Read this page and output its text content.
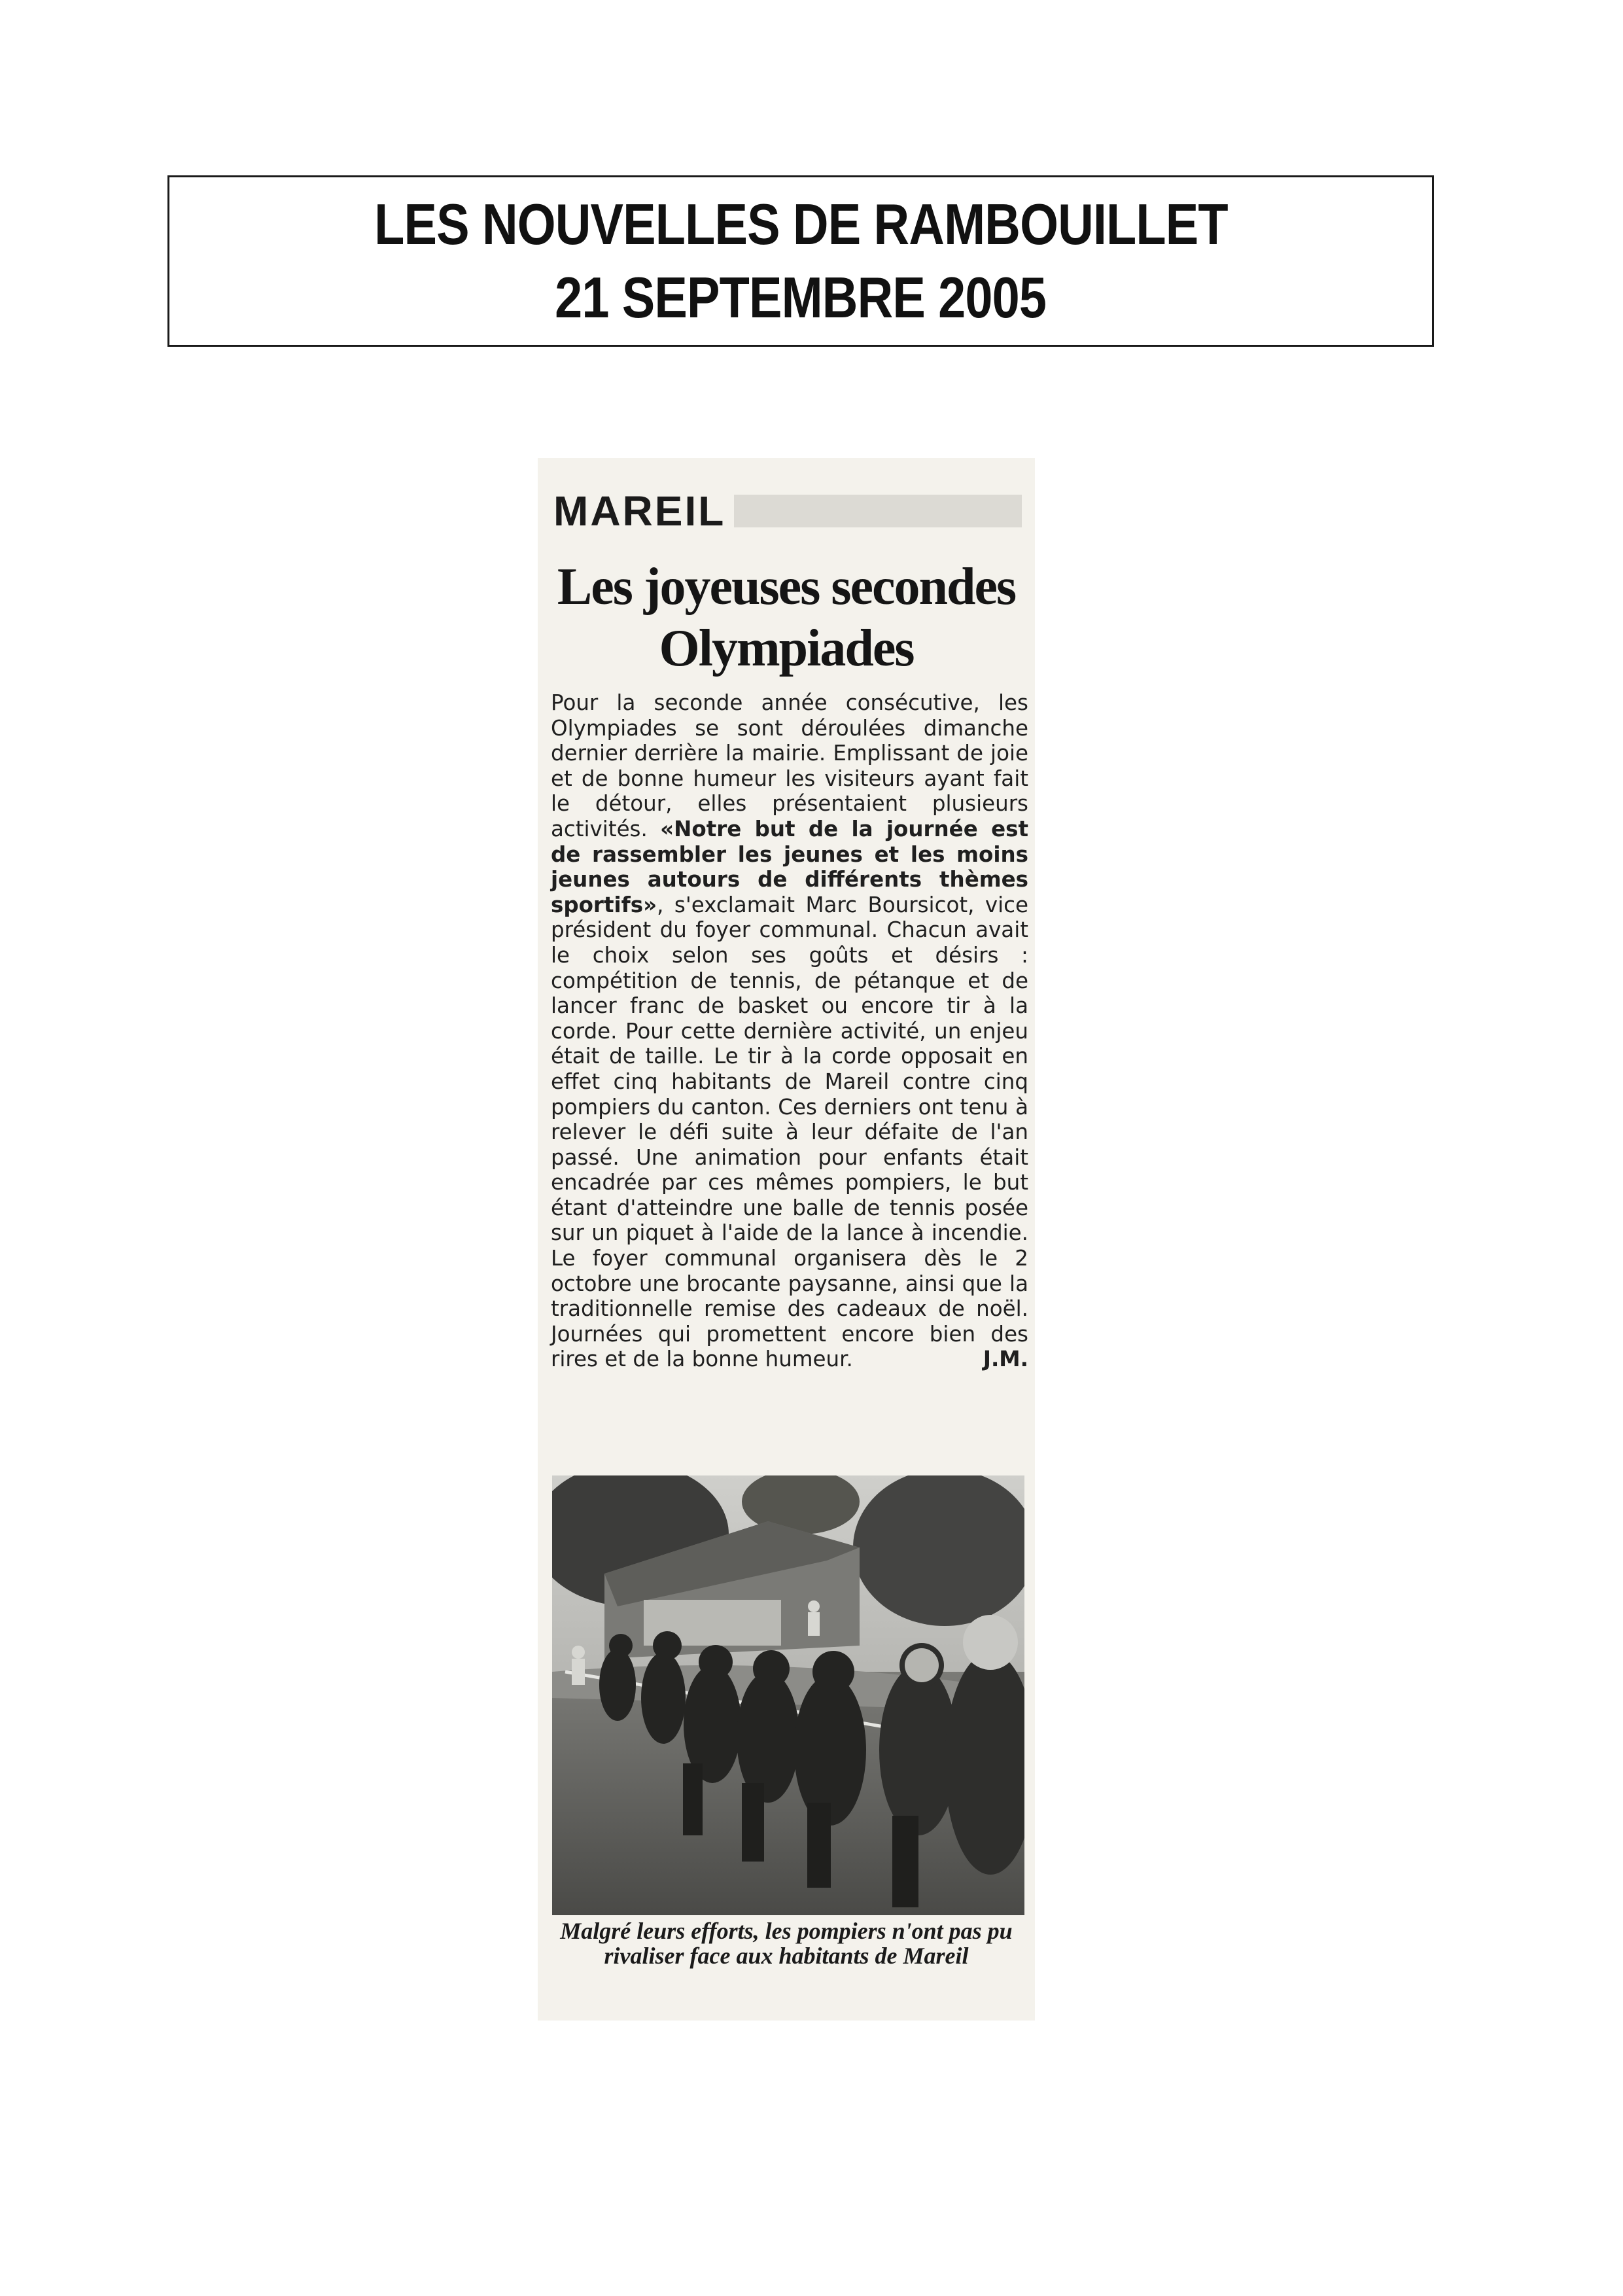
LES NOUVELLES DE RAMBOUILLET
21 SEPTEMBRE 2005
MAREIL
Les joyeuses secondes
Olympiades
Pour la seconde année consécutive, les Olympiades se sont déroulées dimanche dernier derrière la mairie. Emplissant de joie et de bonne humeur les visiteurs ayant fait le détour, elles présentaient plusieurs activités. «Notre but de la journée est de rassembler les jeunes et les moins jeunes autours de différents thèmes sportifs», s'exclamait Marc Boursicot, vice président du foyer communal. Chacun avait le choix selon ses goûts et désirs : compétition de tennis, de pétanque et de lancer franc de basket ou encore tir à la corde. Pour cette dernière activité, un enjeu était de taille. Le tir à la corde opposait en effet cinq habitants de Mareil contre cinq pompiers du canton. Ces derniers ont tenu à relever le défi suite à leur défaite de l'an passé. Une animation pour enfants était encadrée par ces mêmes pompiers, le but étant d'atteindre une balle de tennis posée sur un piquet à l'aide de la lance à incendie. Le foyer communal organisera dès le 2 octobre une brocante paysanne, ainsi que la traditionnelle remise des cadeaux de noël. Journées qui promettent encore bien des rires et de la bonne humeur.	J.M.
Malgré leurs efforts, les pompiers n'ont pas pu rivaliser face aux habitants de Mareil
